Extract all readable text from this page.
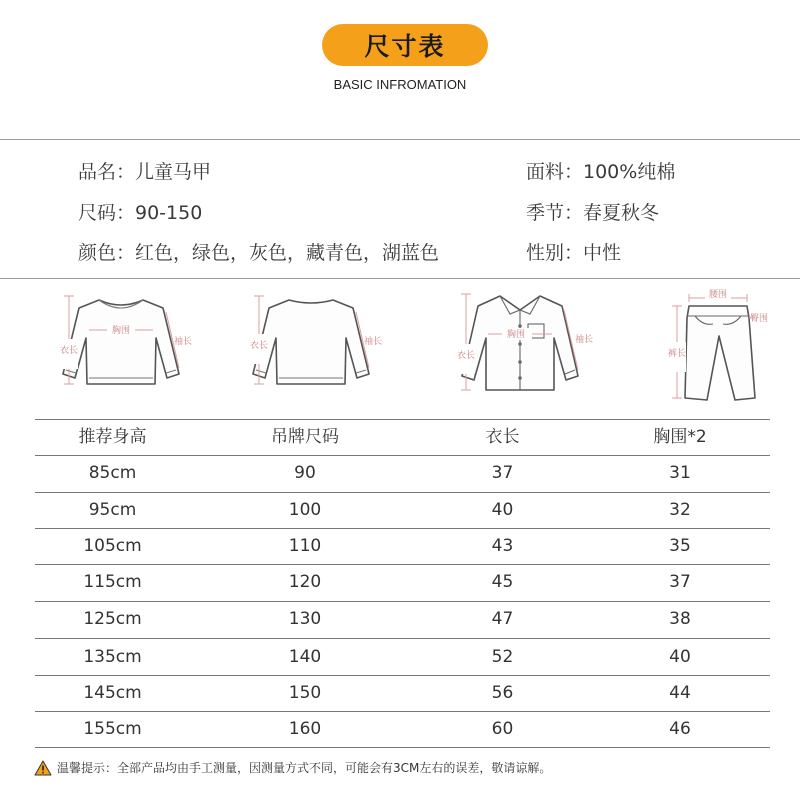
尺寸表
BASIC INFROMATION
品名：儿童马甲
尺码：90-150
颜色：红色，绿色，灰色，藏青色，湖蓝色
面料：100%纯棉
季节：春夏秋冬
性别：中性
衣长
胸围
袖长	衣长	袖长
衣长
胸围	袖长
腰围
臀围
裤长
推荐身高	吊牌尺码	衣长	胸围*2
85cm	90	37	31
95cm	100	40	32
105cm	110	43	35
115cm	120	45	37
125cm	130	47	38
135cm	140	52	40
145cm	150	56	44
155cm	160	60	46
温馨提示：全部产品均由手工测量，因测量方式不同，可能会有3CM左右的误差，敬请谅解。
